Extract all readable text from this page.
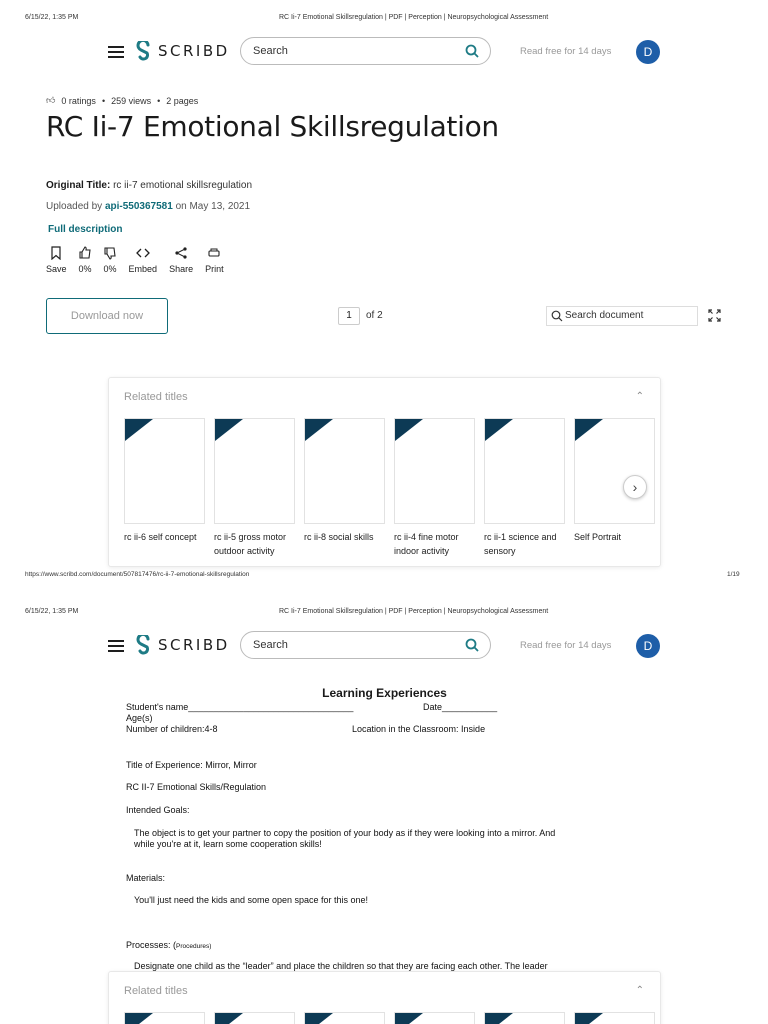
6/15/22, 1:35 PM	RC Ii-7 Emotional Skillsregulation | PDF | Perception | Neuropsychological Assessment
SCRIBD Search	Read free for 14 days	D
👍︎ 0 ratings • 259 views • 2 pages
RC Ii-7 Emotional Skillsregulation
Original Title: rc ii-7 emotional skillsregulation
Uploaded by api-550367581 on May 13, 2021
Full description
Save 0% 0% Embed Share Print
Download now	1	of 2	Search document
Related titles	⌃
rc ii-6 self concept	rc ii-5 gross motor outdoor activity
rc ii-8 social skills	rc ii-4 fine motor indoor activity
rc ii-1 science and sensory
Self Portrait
›
https://www.scribd.com/document/507817476/rc-ii-7-emotional-skillsregulation	1/19
6/15/22, 1:35 PM	RC Ii-7 Emotional Skillsregulation | PDF | Perception | Neuropsychological Assessment
SCRIBD Search	Read free for 14 days	D
Learning Experiences
Student's name_________________________________	Date___________
Age(s)
Number of children:4-8	Location in the Classroom: Inside
Title of Experience: Mirror, Mirror
RC II-7 Emotional Skills/Regulation
Intended Goals:
The object is to get your partner to copy the position of your body as if they were looking into a mirror. And
while you're at it, learn some cooperation skills!
Materials:
You'll just need the kids and some open space for this one!
Processes: (Procedures)
Designate one child as the “leader” and place the children so that they are facing each other. The leader
Related titles	⌃
